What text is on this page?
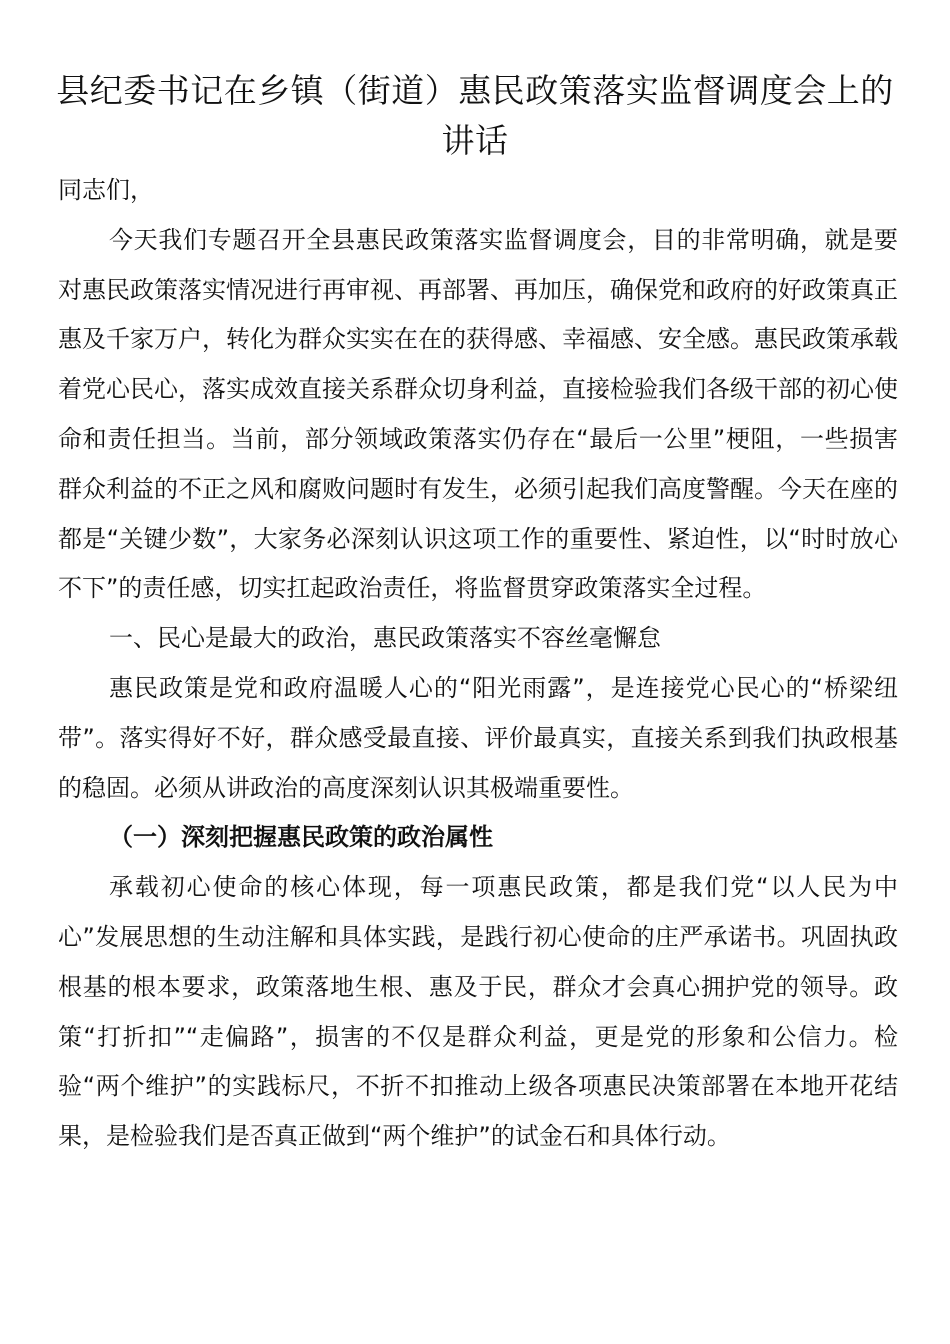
县纪委书记在乡镇（街道）惠民政策落实监督调度会上的讲话

同志们，

今天我们专题召开全县惠民政策落实监督调度会，目的非常明确，就是要对惠民政策落实情况进行再审视、再部署、再加压，确保党和政府的好政策真正惠及千家万户，转化为群众实实在在的获得感、幸福感、安全感。惠民政策承载着党心民心，落实成效直接关系群众切身利益，直接检验我们各级干部的初心使命和责任担当。当前，部分领域政策落实仍存在“最后一公里”梗阻，一些损害群众利益的不正之风和腐败问题时有发生，必须引起我们高度警醒。今天在座的都是“关键少数”，大家务必深刻认识这项工作的重要性、紧迫性，以“时时放心不下”的责任感，切实扛起政治责任，将监督贯穿政策落实全过程。

一、民心是最大的政治，惠民政策落实不容丝毫懈怠

惠民政策是党和政府温暖人心的“阳光雨露”，是连接党心民心的“桥梁纽带”。落实得好不好，群众感受最直接、评价最真实，直接关系到我们执政根基的稳固。必须从讲政治的高度深刻认识其极端重要性。

（一）深刻把握惠民政策的政治属性

承载初心使命的核心体现，每一项惠民政策，都是我们党“以人民为中心”发展思想的生动注解和具体实践，是践行初心使命的庄严承诺书。巩固执政根基的根本要求，政策落地生根、惠及于民，群众才会真心拥护党的领导。政策“打折扣”“走偏路”，损害的不仅是群众利益，更是党的形象和公信力。检验“两个维护”的实践标尺，不折不扣推动上级各项惠民决策部署在本地开花结果，是检验我们是否真正做到“两个维护”的试金石和具体行动。
